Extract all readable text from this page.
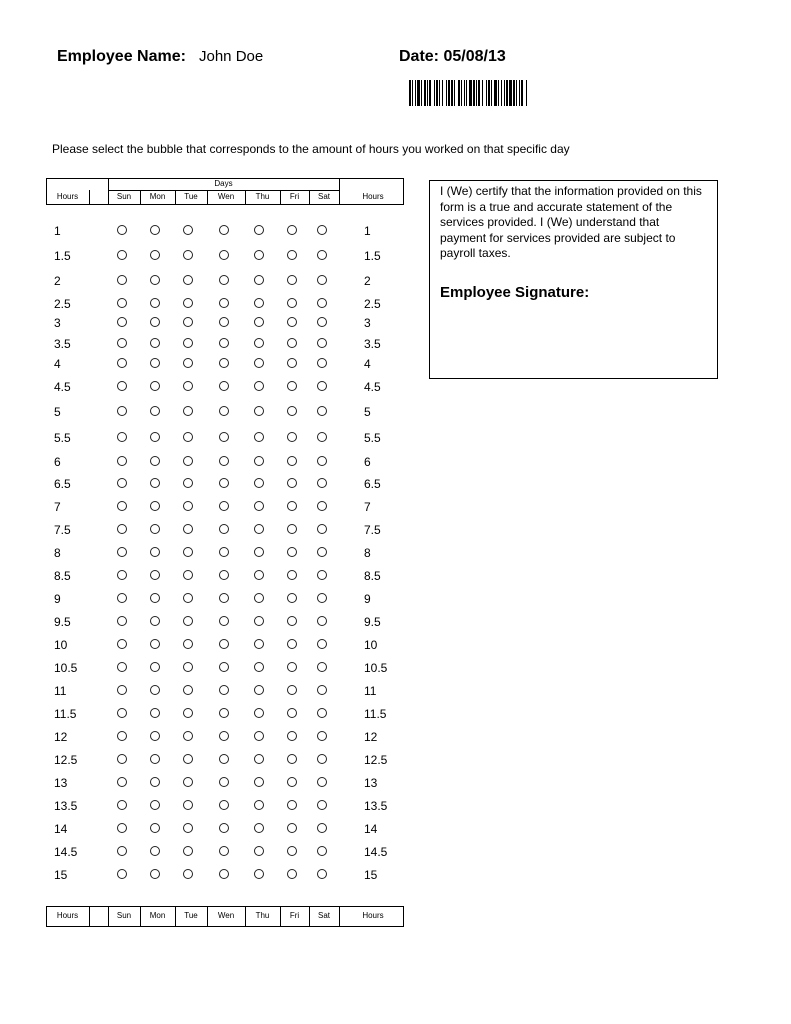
Employee Name: John Doe	Date: 05/08/13
Please select the bubble that corresponds to the amount of hours you worked on that specific day
Days
Hours	Hours
Sun	Mon	Tue	Wen	Thu	Fri	Sat
Hours	Hours
Sun	Mon	Tue	Wen	Thu	Fri	Sat
1	1
1.5	1.5
2	2
2.5	2.5
3	3
3.5	3.5
4	4
4.5	4.5
5	5
5.5	5.5
6	6
6.5	6.5
7	7
7.5	7.5
8	8
8.5	8.5
9	9
9.5	9.5
10	10
10.5	10.5
11	11
11.5	11.5
12	12
12.5	12.5
13	13
13.5	13.5
14	14
14.5	14.5
15	15
I (We) certify that the information provided on this form is a true and accurate statement of the services provided. I (We) understand that payment for services provided are subject to payroll taxes.
Employee Signature:
